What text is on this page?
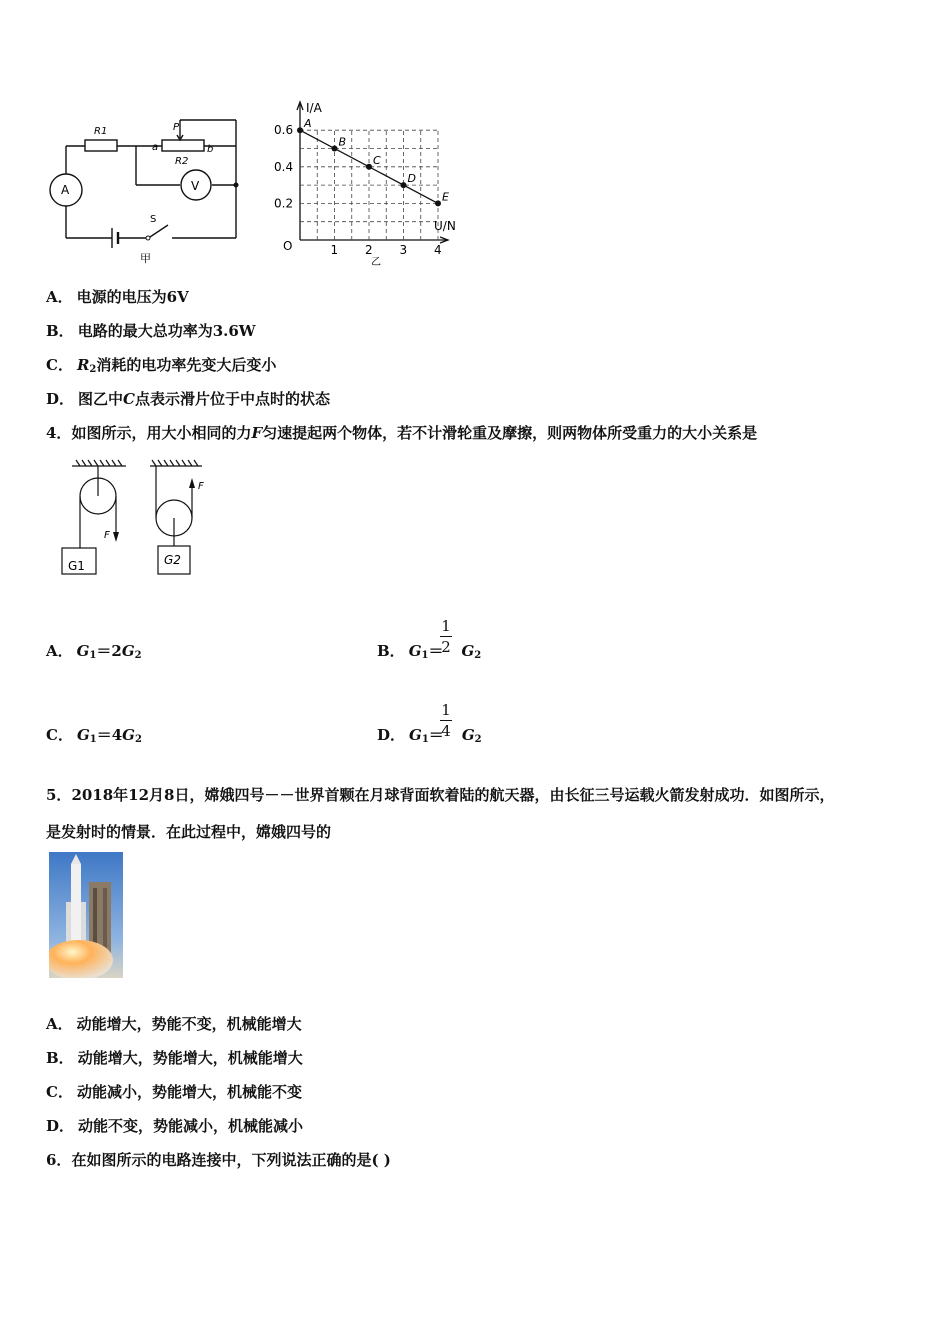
R1	P
a	b
R2
A	V
S
甲
A
B
C
D
E
I/A
U/N
O
乙
0.6
0.4
0.2
1 2 3 4
A． 电源的电压为6V
B． 电路的最大总功率为3.6W
C． $R_2$消耗的电功率先变大后变小
D． 图乙中C点表示滑片位于中点时的状态
4．如图所示，用大小相同的力F匀速提起两个物体，若不计滑轮重及摩擦，则两物体所受重力的大小关系是
F
F
G1	G2
A． $G_1=2G_2$	B． $G_1= G_2$
1
2
C． $G_1=4G_2$	D． $G_1= G_2$
1
4
5．2018年12月8日，嫦娥四号－－世界首颗在月球背面软着陆的航天器，由长征三号运载火箭发射成功．如图所示，
是发射时的情景．在此过程中，嫦娥四号的
A． 动能增大，势能不变，机械能增大
B． 动能增大，势能增大，机械能增大
C． 动能减小，势能增大，机械能不变
D． 动能不变，势能减小，机械能减小
6．在如图所示的电路连接中，下列说法正确的是( )
